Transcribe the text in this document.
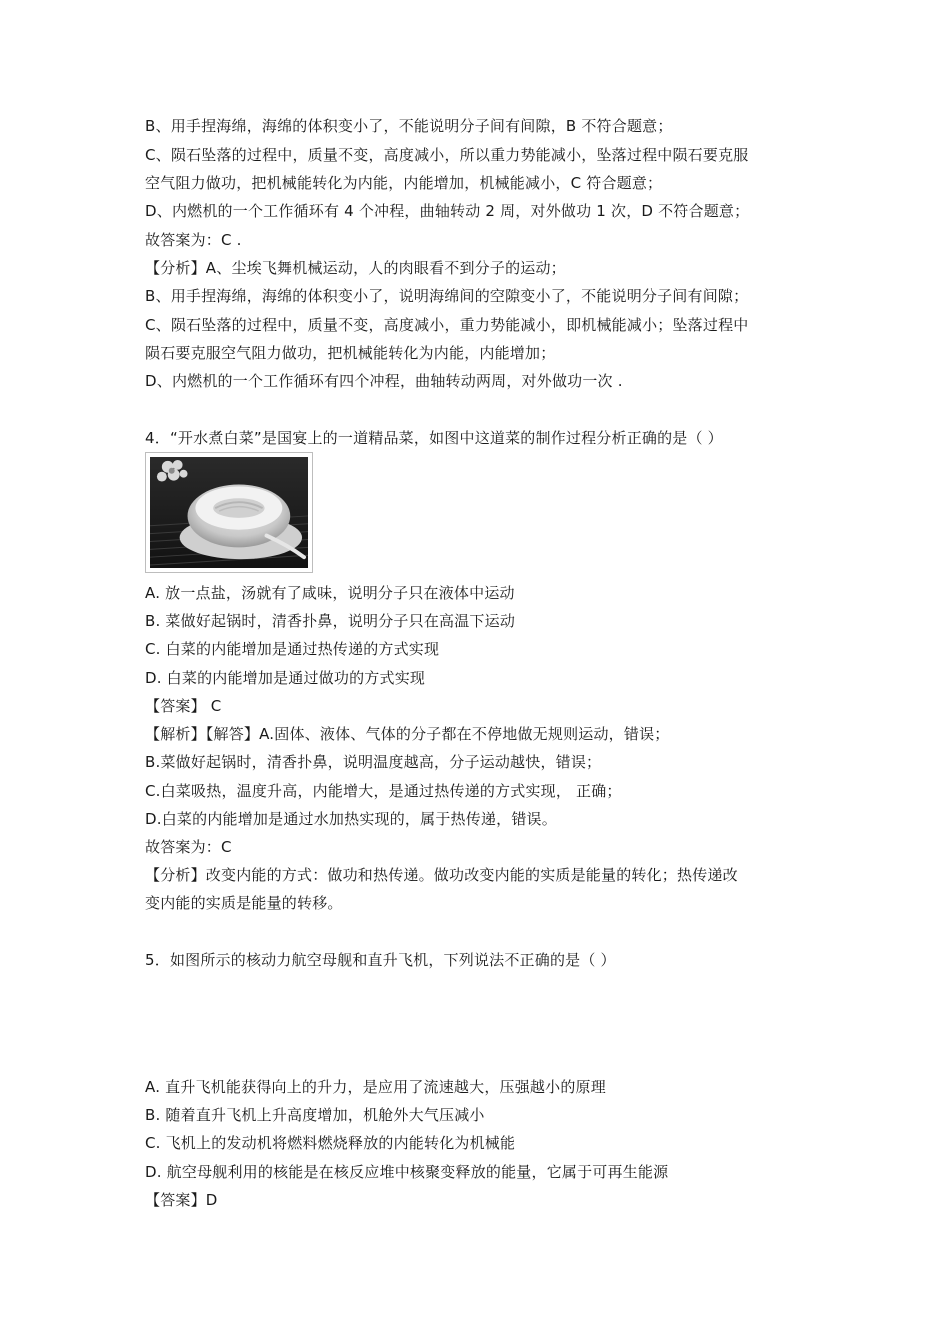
B、用手捏海绵，海绵的体积变小了，不能说明分子间有间隙，B 不符合题意；
C、陨石坠落的过程中，质量不变，高度减小，所以重力势能减小，坠落过程中陨石要克服
空气阻力做功，把机械能转化为内能，内能增加，机械能减小，C 符合题意；
D、内燃机的一个工作循环有 4 个冲程，曲轴转动 2 周，对外做功 1 次，D 不符合题意；
故答案为：C .
【分析】A、尘埃飞舞机械运动，人的肉眼看不到分子的运动；
B、用手捏海绵，海绵的体积变小了，说明海绵间的空隙变小了，不能说明分子间有间隙；
C、陨石坠落的过程中，质量不变，高度减小，重力势能减小，即机械能减小；坠落过程中
陨石要克服空气阻力做功，把机械能转化为内能，内能增加；
D、内燃机的一个工作循环有四个冲程，曲轴转动两周，对外做功一次 .
4．“开水煮白菜”是国宴上的一道精品菜，如图中这道菜的制作过程分析正确的是（ ）
A. 放一点盐，汤就有了咸味，说明分子只在液体中运动
B. 菜做好起锅时，清香扑鼻，说明分子只在高温下运动
C. 白菜的内能增加是通过热传递的方式实现
D. 白菜的内能增加是通过做功的方式实现
【答案】 C
【解析】【解答】A.固体、液体、气体的分子都在不停地做无规则运动，错误；
B.菜做好起锅时，清香扑鼻，说明温度越高，分子运动越快，错误；
C.白菜吸热，温度升高，内能增大，是通过热传递的方式实现， 正确；
D.白菜的内能增加是通过水加热实现的，属于热传递，错误。
故答案为：C
【分析】改变内能的方式：做功和热传递。做功改变内能的实质是能量的转化；热传递改
变内能的实质是能量的转移。
5．如图所示的核动力航空母舰和直升飞机，下列说法不正确的是（ ）
A. 直升飞机能获得向上的升力，是应用了流速越大，压强越小的原理
B. 随着直升飞机上升高度增加，机舱外大气压减小
C. 飞机上的发动机将燃料燃烧释放的内能转化为机械能
D. 航空母舰利用的核能是在核反应堆中核聚变释放的能量，它属于可再生能源
【答案】D
